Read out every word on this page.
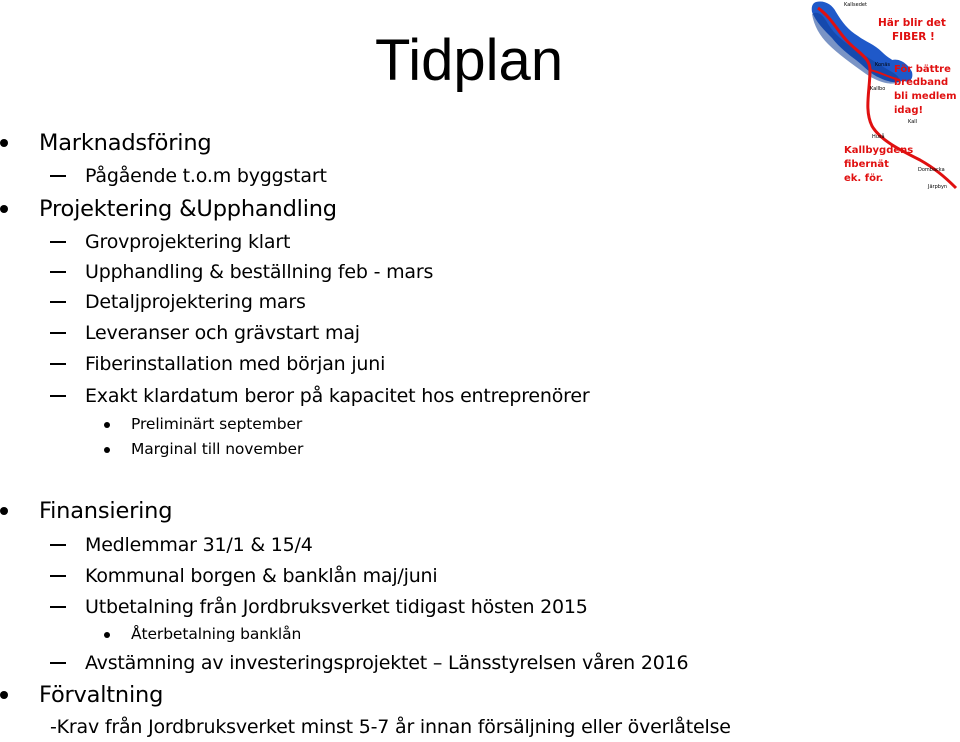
Tidplan
Kallsedet
Konäs
Kallbo
Kall
Huså
Dombacka
Järpbyn
Här blir det
FIBER !
För bättre
bredband
bli medlem
idag!
Kallbygdens
fibernät
ek. för.
Marknadsföring
Pågående t.o.m byggstart
Projektering &Upphandling
Grovprojektering klart
Upphandling & beställning feb - mars
Detaljprojektering mars
Leveranser och grävstart maj
Fiberinstallation med början juni
Exakt klardatum beror på kapacitet hos entreprenörer
Preliminärt september
Marginal till november
Finansiering
Medlemmar 31/1 & 15/4
Kommunal borgen & banklån maj/juni
Utbetalning från Jordbruksverket tidigast hösten 2015
Återbetalning banklån
Avstämning av investeringsprojektet – Länsstyrelsen våren 2016
Förvaltning
-Krav från Jordbruksverket minst 5-7 år innan försäljning eller överlåtelse
